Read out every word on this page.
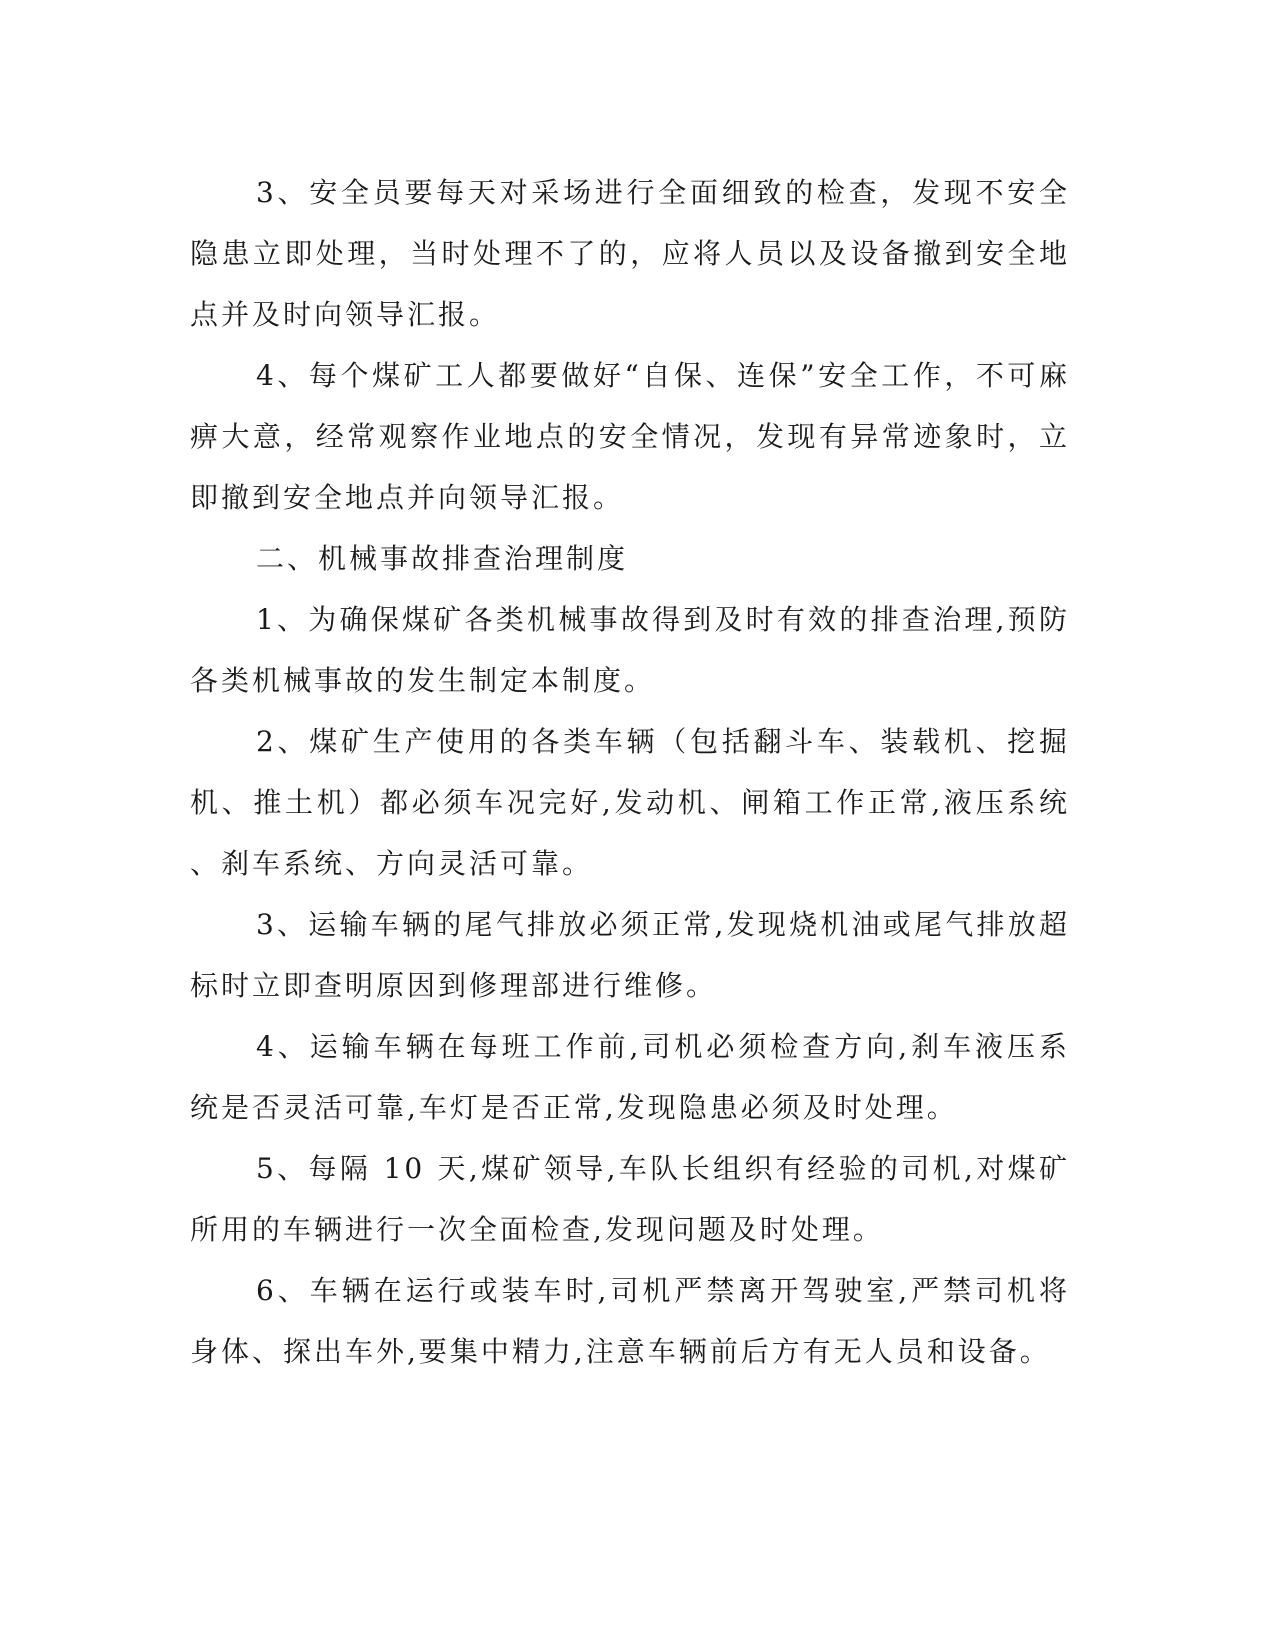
3、安全员要每天对采场进行全面细致的检查，发现不安全隐患立即处理，当时处理不了的，应将人员以及设备撤到安全地点并及时向领导汇报。

4、每个煤矿工人都要做好“自保、连保”安全工作，不可麻痹大意，经常观察作业地点的安全情况，发现有异常迹象时，立即撤到安全地点并向领导汇报。

二、机械事故排查治理制度

1、为确保煤矿各类机械事故得到及时有效的排查治理,预防各类机械事故的发生制定本制度。

2、煤矿生产使用的各类车辆（包括翻斗车、装载机、挖掘机、推土机）都必须车况完好,发动机、闸箱工作正常,液压系统、刹车系统、方向灵活可靠。

3、运输车辆的尾气排放必须正常,发现烧机油或尾气排放超标时立即查明原因到修理部进行维修。

4、运输车辆在每班工作前,司机必须检查方向,刹车液压系统是否灵活可靠,车灯是否正常,发现隐患必须及时处理。

5、每隔 10 天,煤矿领导,车队长组织有经验的司机,对煤矿所用的车辆进行一次全面检查,发现问题及时处理。

6、车辆在运行或装车时,司机严禁离开驾驶室,严禁司机将身体、探出车外,要集中精力,注意车辆前后方有无人员和设备。
